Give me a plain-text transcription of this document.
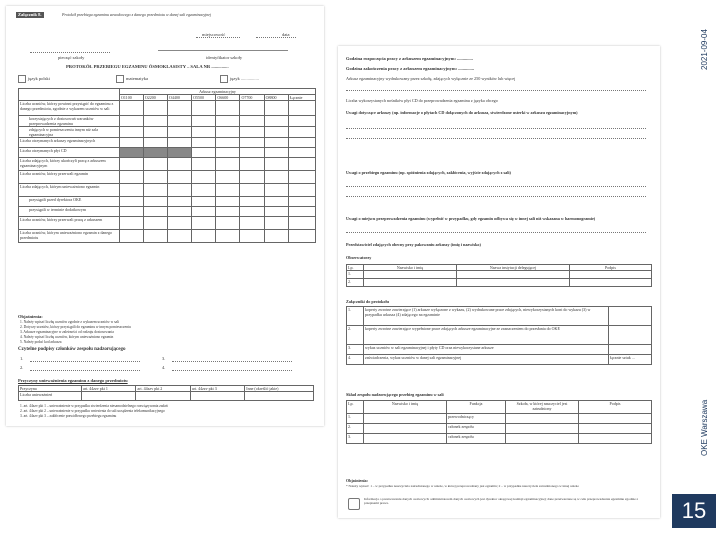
Załącznik 8.	Protokół przebiegu egzaminu zawodowego z danego przedmiotu w danej sali egzaminacyjnej
miejscowość	data
pieczęć szkoły	identyfikator szkoły
PROTOKÓŁ PRZEBIEGU EGZAMINU ÓSMOKLASISTY – SALA NR ...............
język polski	matematyka	język ................
	Arkusz egzaminacyjny							
	O1100	O2200	O4400	O5500	O6600	O7700	O8800	Łącznie
Liczba uczniów, którzy powinni przystąpić do egzaminu z danego przedmiotu, zgodnie z wykazem uczniów w sali								
korzystających z dostosowań warunków przeprowadzenia egzaminu								
zdających w pomieszczeniu innym niż sala egzaminacyjna								
Liczba otrzymanych arkuszy egzaminacyjnych								
Liczba otrzymanych płyt CD								
Liczba zdających, którzy ukończyli pracę z arkuszem egzaminacyjnym								
Liczba uczniów, którzy przerwali egzamin								
Liczba zdających, którym unieważniono egzamin								
przystąpili przed dyrektora OKE								
przystąpili w terminie dodatkowym								
Liczba uczniów, którzy przerwali pracę z arkuszem								
Liczba uczniów, którym unieważniono egzamin z danego przedmiotu								
Objaśnienia:
1. Należy wpisać liczbę uczniów zgodnie z wykazem uczniów w sali
2. Dotyczy uczniów, którzy przystąpili do egzaminu w innym pomieszczeniu
3. Arkusze egzaminacyjne w zależności od rodzaju dostosowania
4. Należy wpisać liczbę uczniów, którym unieważniono egzamin
5. Należy podać kod arkusza
Czytelne podpisy członków zespołu nadzorującego
1.
2.
3.
4.
Przyczyny unieważnienia egzaminu z danego przedmiotu
Przyczyna	art. 44zzv pkt 1	art. 44zzv pkt 2	art. 44zzv pkt 3	Inne (określić jakie)
Liczba unieważnień				
1. art. 44zzv pkt 1 – unieważnienie w przypadku stwierdzenia niesamodzielnego rozwiązywania zadań
2. art. 44zzv pkt 2 – unieważnienie w przypadku wniesienia do sali urządzenia telekomunikacyjnego
3. art. 44zzv pkt 3 – zakłócenie prawidłowego przebiegu egzaminu
Godzina rozpoczęcia pracy z arkuszem egzaminacyjnym: ..............
Godzina zakończenia pracy z arkuszem egzaminacyjnym: ..............
Arkusz egzaminacyjny wydrukowany przez szkołę, zdających wyłącznie ze 250 wyników lub więcej
Liczba wykorzystanych nośników płyt CD do przeprowadzenia egzaminu z języka obcego
Uwagi dotyczące arkuszy (np. informacje o płytach CD dołączonych do arkusza, stwierdzone usterki w arkuszu egzaminacyjnym)
Uwagi o przebiegu egzaminu (np. spóźnienia zdających, zakłócenia, wyjście zdających z sali)
Uwagi o miejscu przeprowadzenia egzaminu (wypełnić w przypadku, gdy egzamin odbywa się w innej sali niż wskazana w harmonogramie)
Przedstawiciel zdających obecny przy pakowaniu arkuszy (imię i nazwisko)
Obserwatorzy
Lp.	Nazwisko i imię	Nazwa instytucji delegującej	Podpis
1.			
2.			
Załączniki do protokołu
1.	koperty zwrotne zawierające (1) arkusze wyłączone z wykazu, (2) wydrukowane prace zdających, niewykorzystanych kont do wykazu (3) w przypadku arkusza (4) zdającego na egzaminie	
2.	koperty zwrotne zawierające wypełnione prace zdających arkusze egzaminacyjne ze zaznaczeniem do przesłania do OKE	
3.	wykaz uczniów w sali egzaminacyjnej i płyty CD oraz niewykorzystane arkusze	
4.	zaświadczenia, wykaz uczniów w danej sali egzaminacyjnej	łącznie sztuk ...
Skład zespołu nadzorującego przebieg egzaminu w sali
Lp.	Nazwisko i imię	Funkcja	Szkoła, w której nauczyciel jest zatrudniony	Podpis
1.		przewodniczący		
2.		członek zespołu		
3.		członek zespołu		
Objaśnienia:
* Należy wpisać: 1 – w przypadku nauczyciela zatrudnionego w szkole, w której przeprowadzany jest egzamin; 2 – w przypadku nauczyciela zatrudnionego w innej szkole
Informacja o przetwarzaniu danych osobowych: administratorem danych osobowych jest dyrektor okręgowej komisji egzaminacyjnej; dane przetwarzane są w celu przeprowadzenia egzaminu zgodnie z przepisami prawa.
2021-09-04
OKE Warszawa
15
